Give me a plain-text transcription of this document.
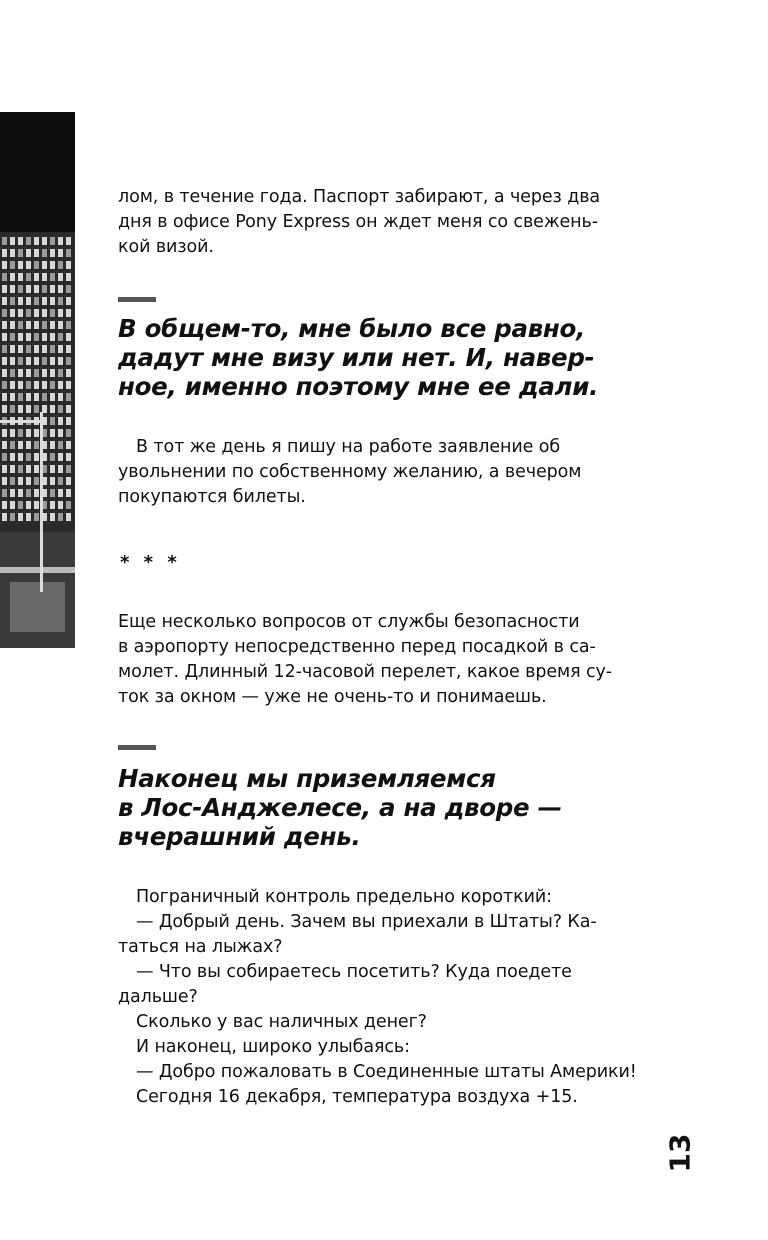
лом, в течение года. Паспорт забирают, а через два

дня в офисе Pony Express он ждет меня со свежень-

кой визой.

В общем-то, мне было все равно,

дадут мне визу или нет. И, навер-

ное, именно поэтому мне ее дали.

В тот же день я пишу на работе заявление об

увольнении по собственному желанию, а вечером

покупаются билеты.

* * *

Еще несколько вопросов от службы безопасности

в аэропорту непосредственно перед посадкой в са-

молет. Длинный 12-часовой перелет, какое время су-

ток за окном — уже не очень-то и понимаешь.

Наконец мы приземляемся

в Лос-Анджелесе, а на дворе —

вчерашний день.

Пограничный контроль предельно короткий:

— Добрый день. Зачем вы приехали в Штаты? Ка-

таться на лыжах?

— Что вы собираетесь посетить? Куда поедете

дальше?

Сколько у вас наличных денег?

И наконец, широко улыбаясь:

— Добро пожаловать в Соединенные штаты Америки!

Сегодня 16 декабря, температура воздуха +15.

13
